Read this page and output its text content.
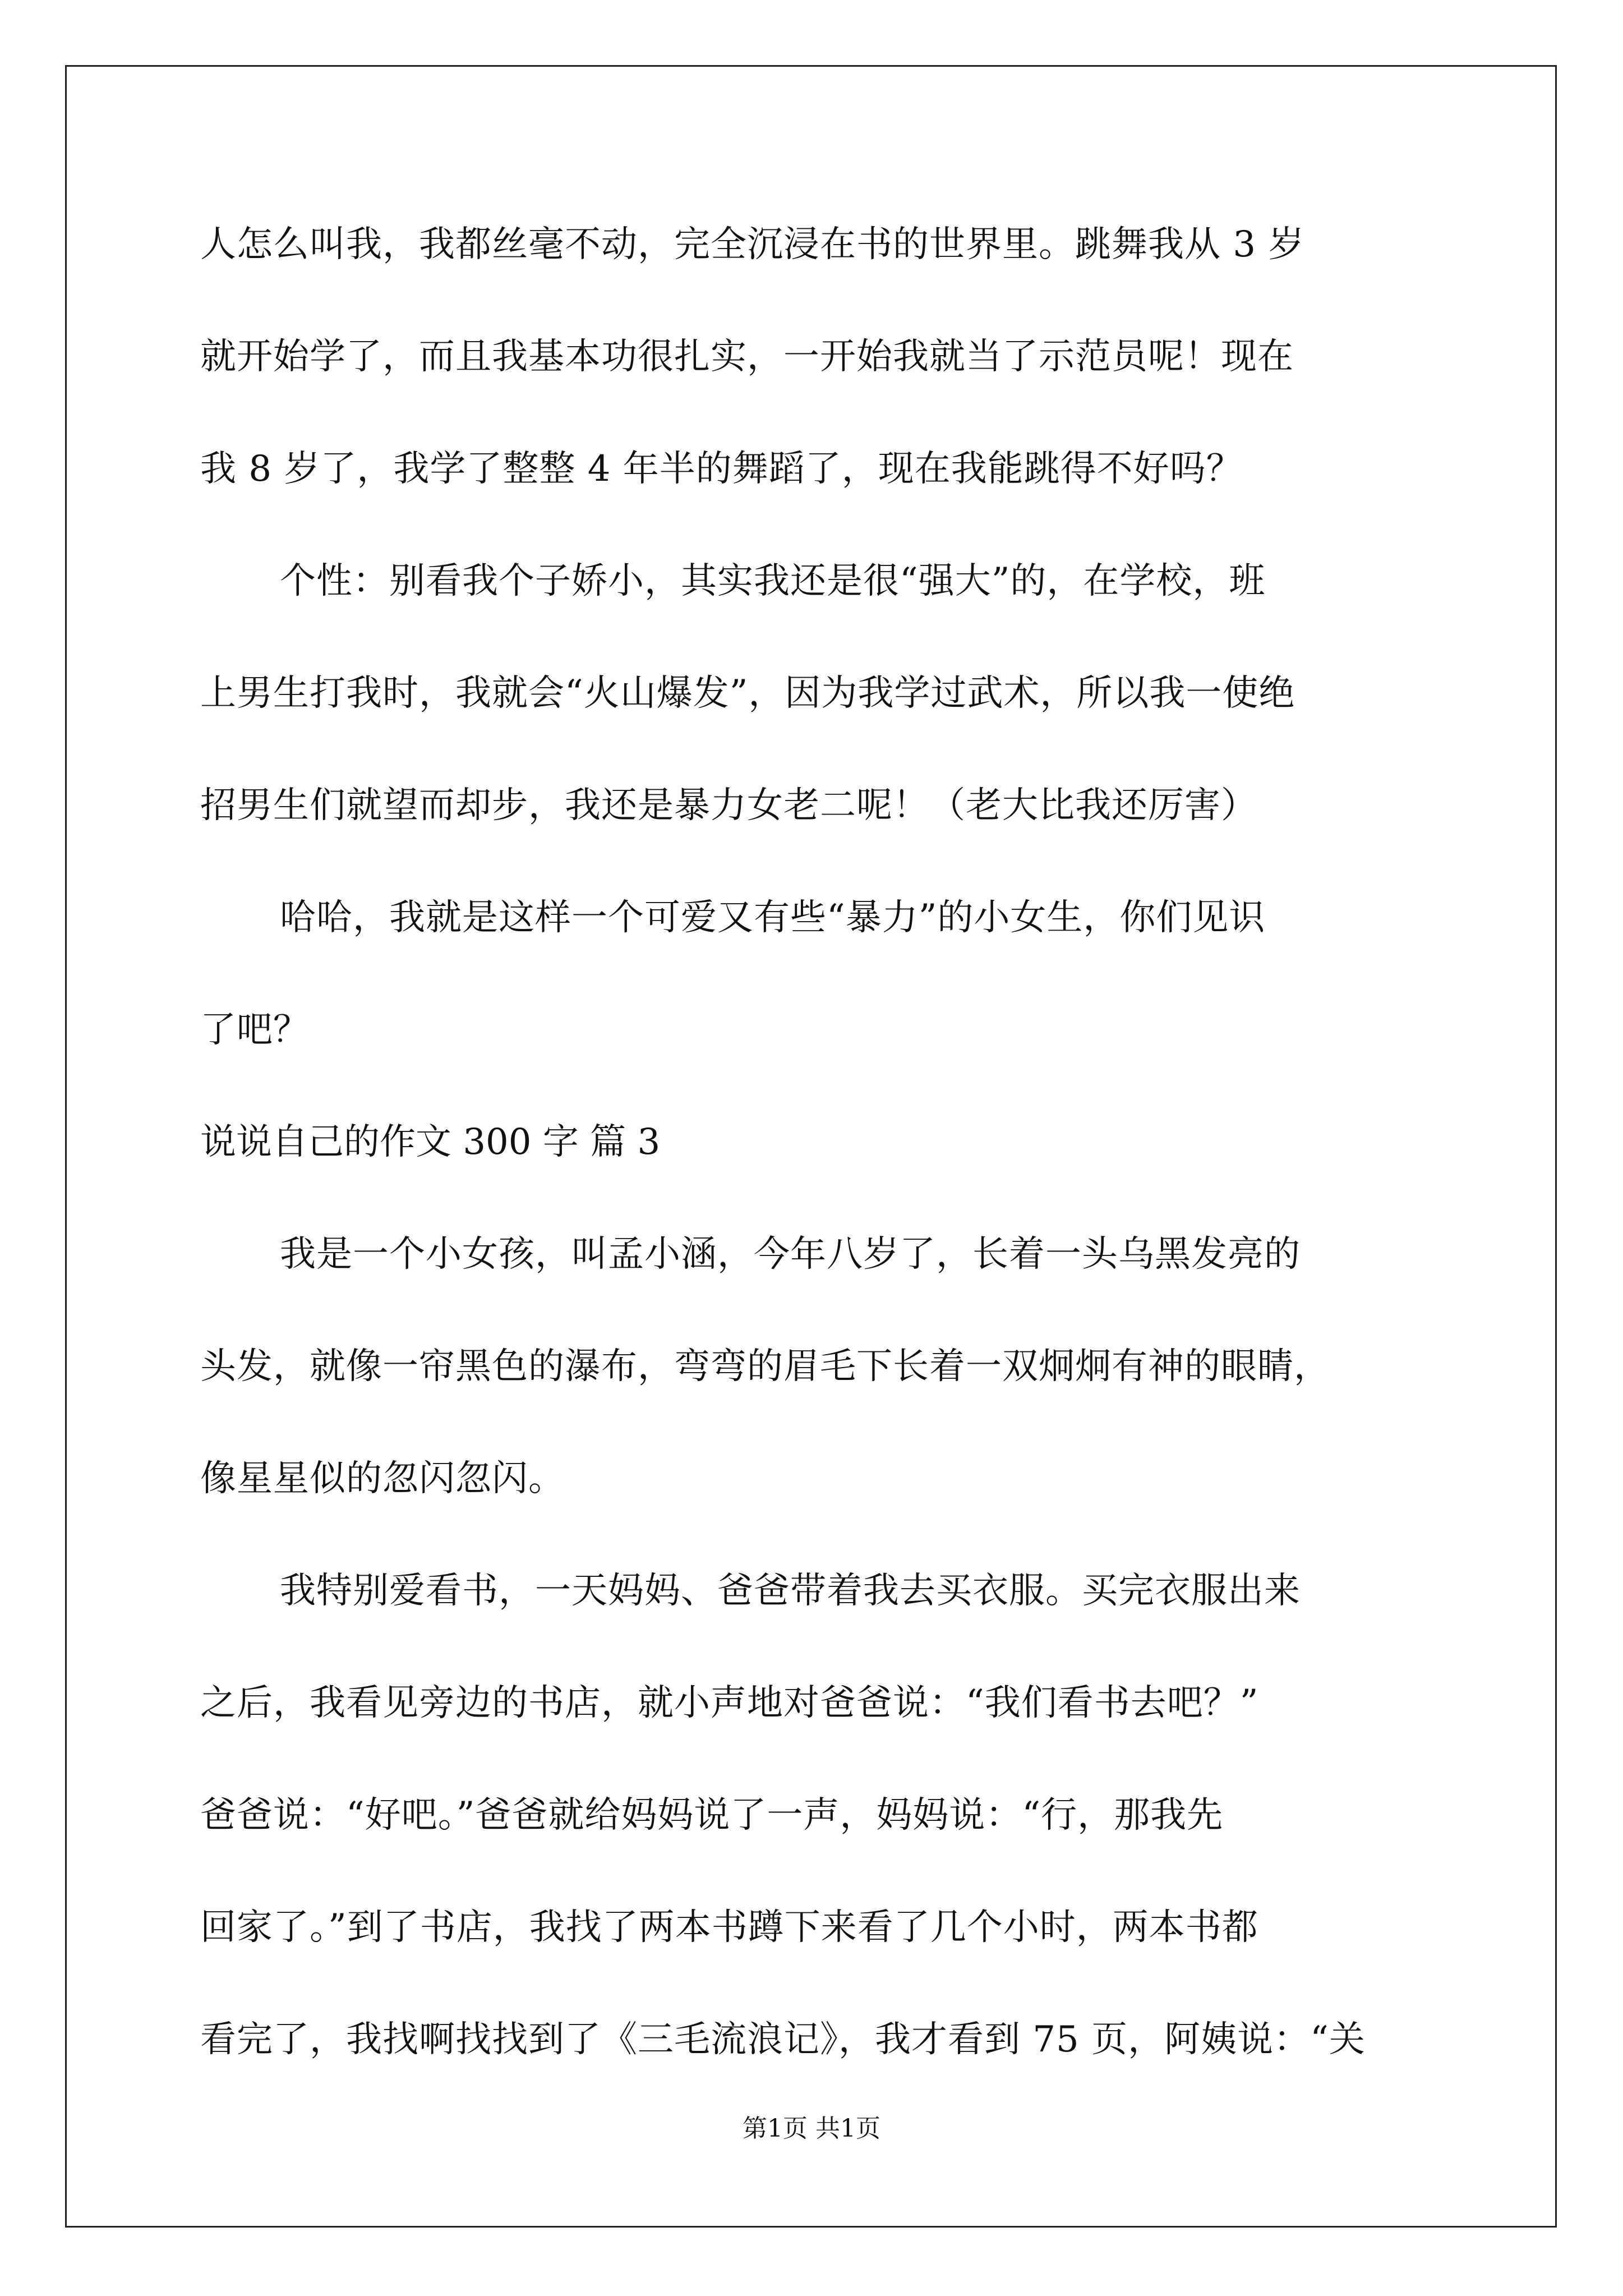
人怎么叫我，我都丝毫不动，完全沉浸在书的世界里。跳舞我从 3 岁
就开始学了，而且我基本功很扎实，一开始我就当了示范员呢！现在
我 8 岁了，我学了整整 4 年半的舞蹈了，现在我能跳得不好吗？
个性：别看我个子娇小，其实我还是很“强大”的，在学校，班
上男生打我时，我就会“火山爆发”，因为我学过武术，所以我一使绝
招男生们就望而却步，我还是暴力女老二呢！（老大比我还厉害）
哈哈，我就是这样一个可爱又有些“暴力”的小女生，你们见识
了吧？
说说自己的作文 300 字 篇 3
我是一个小女孩，叫孟小涵，今年八岁了，长着一头乌黑发亮的
头发，就像一帘黑色的瀑布，弯弯的眉毛下长着一双炯炯有神的眼睛，
像星星似的忽闪忽闪。
我特别爱看书，一天妈妈、爸爸带着我去买衣服。买完衣服出来
之后，我看见旁边的书店，就小声地对爸爸说：“我们看书去吧？”
爸爸说：“好吧。”爸爸就给妈妈说了一声，妈妈说：“行，那我先
回家了。”到了书店，我找了两本书蹲下来看了几个小时，两本书都
看完了，我找啊找找到了《三毛流浪记》，我才看到 75 页，阿姨说：“关
第1页 共1页
